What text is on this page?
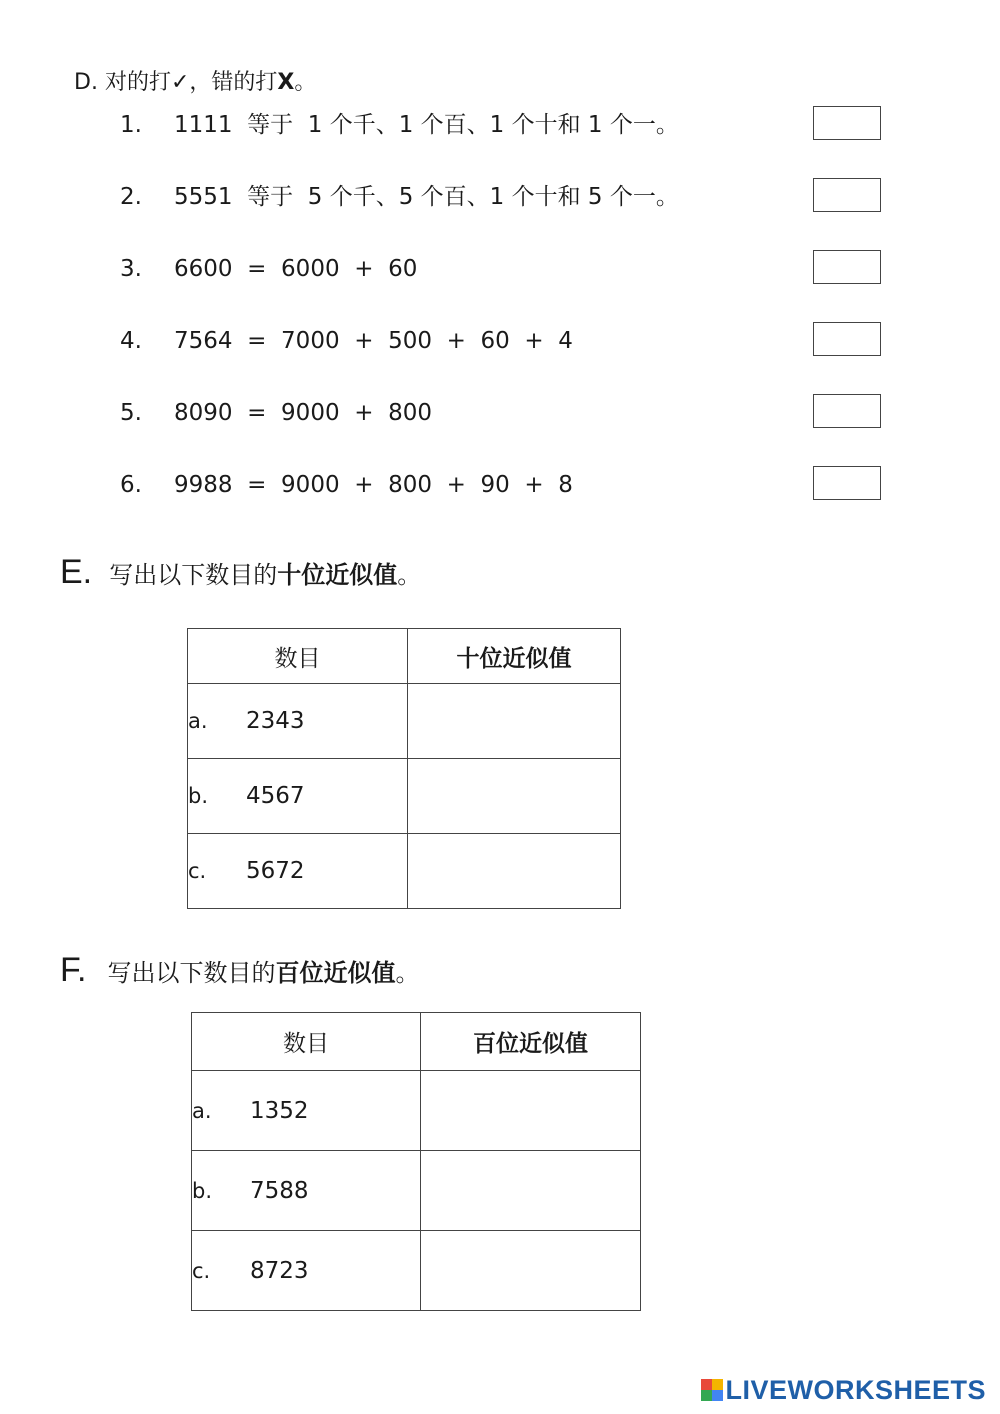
D. 对的打✓，错的打X。
1. 1111  等于  1 个千、1 个百、1 个十和 1 个一。
2. 5551  等于  5 个千、5 个百、1 个十和 5 个一。
3. 6600  =  6000  +  60
4. 7564  =  7000  +  500  +  60  +  4
5. 8090  =  9000  +  800
6. 9988  =  9000  +  800  +  90  +  8
E. 写出以下数目的十位近似值。
数目	十位近似值
a. 2343	
b. 4567	
c. 5672	
F. 写出以下数目的百位近似值。
数目	百位近似值
a. 1352	
b. 7588	
c. 8723	
LIVEWORKSHEETS
